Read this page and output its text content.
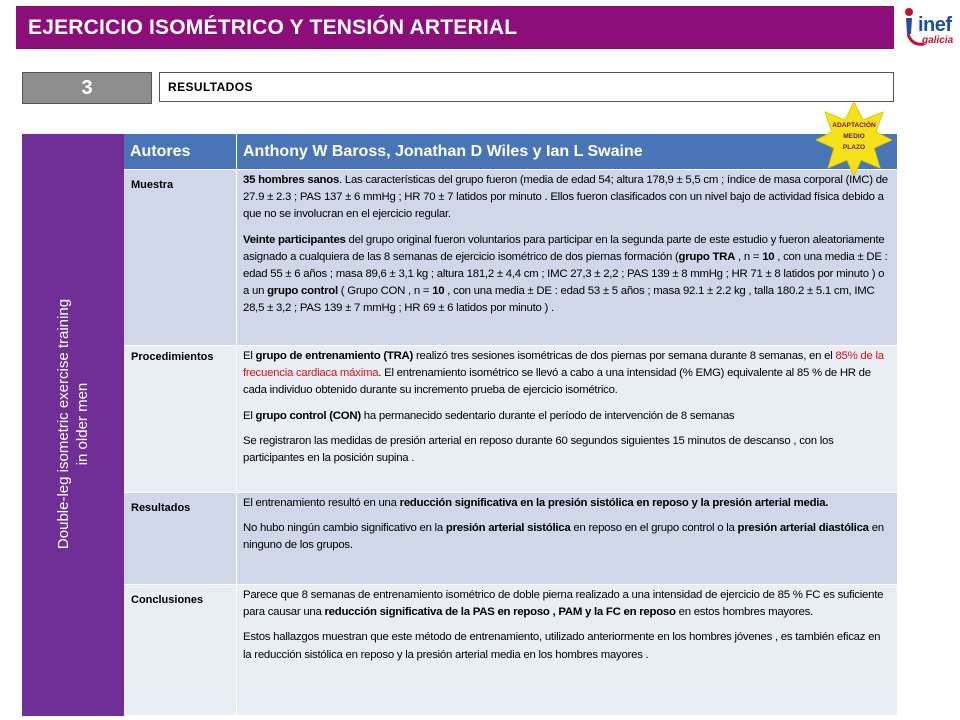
EJERCICIO ISOMÉTRICO Y TENSIÓN ARTERIAL	inef
galicia
3	RESULTADOS
Double-leg isometric exercise training in older men
Autores	Anthony W Baross, Jonathan D Wiles y Ian L Swaine
Muestra	35 hombres sanos. Las características del grupo fueron (media de edad 54; altura 178,9 ± 5,5 cm ; índice de masa corporal (IMC) de 27.9 ± 2.3 ; PAS 137 ± 6 mmHg ; HR 70 ± 7 latidos por minuto . Ellos fueron clasificados con un nivel bajo de actividad física debido a que no se involucran en el ejercicio regular.

Veinte participantes del grupo original fueron voluntarios para participar en la segunda parte de este estudio y fueron aleatoriamente asignado a cualquiera de las 8 semanas de ejercicio isométrico de dos piernas formación (grupo TRA , n = 10 , con una media ± DE : edad 55 ± 6 años ; masa 89,6 ± 3,1 kg ; altura 181,2 ± 4,4 cm ; IMC 27,3 ± 2,2 ; PAS 139 ± 8 mmHg ; HR 71 ± 8 latidos por minuto ) o a un grupo control ( Grupo CON , n = 10 , con una media ± DE : edad 53 ± 5 años ; masa 92.1 ± 2.2 kg , talla 180.2 ± 5.1 cm, IMC 28,5 ± 3,2 ; PAS 139 ± 7 mmHg ; HR 69 ± 6 latidos por minuto ) .

Procedimientos	El grupo de entrenamiento (TRA) realizó tres sesiones isométricas de dos piernas por semana durante 8 semanas, en el 85% de la frecuencia cardiaca máxima. El entrenamiento isométrico se llevó a cabo a una intensidad (% EMG) equivalente al 85 % de HR de cada individuo obtenido durante su incremento prueba de ejercicio isométrico.

El grupo control (CON) ha permanecido sedentario durante el período de intervención de 8 semanas

Se registraron las medidas de presión arterial en reposo durante 60 segundos siguientes 15 minutos de descanso , con los participantes en la posición supina .

Resultados	El entrenamiento resultó en una reducción significativa en la presión sistólica en reposo y la presión arterial media.

No hubo ningún cambio significativo en la presión arterial sistólica en reposo en el grupo control o la presión arterial diastólica en ninguno de los grupos.

Conclusiones	Parece que 8 semanas de entrenamiento isométrico de doble pierna realizado a una intensidad de ejercicio de 85 % FC es suficiente para causar una reducción significativa de la PAS en reposo , PAM y la FC en reposo en estos hombres mayores.

Estos hallazgos muestran que este método de entrenamiento, utilizado anteriormente en los hombres jóvenes , es también eficaz en la reducción sistólica en reposo y la presión arterial media en los hombres mayores .

ADAPTACIÓN
MEDIO
PLAZO
